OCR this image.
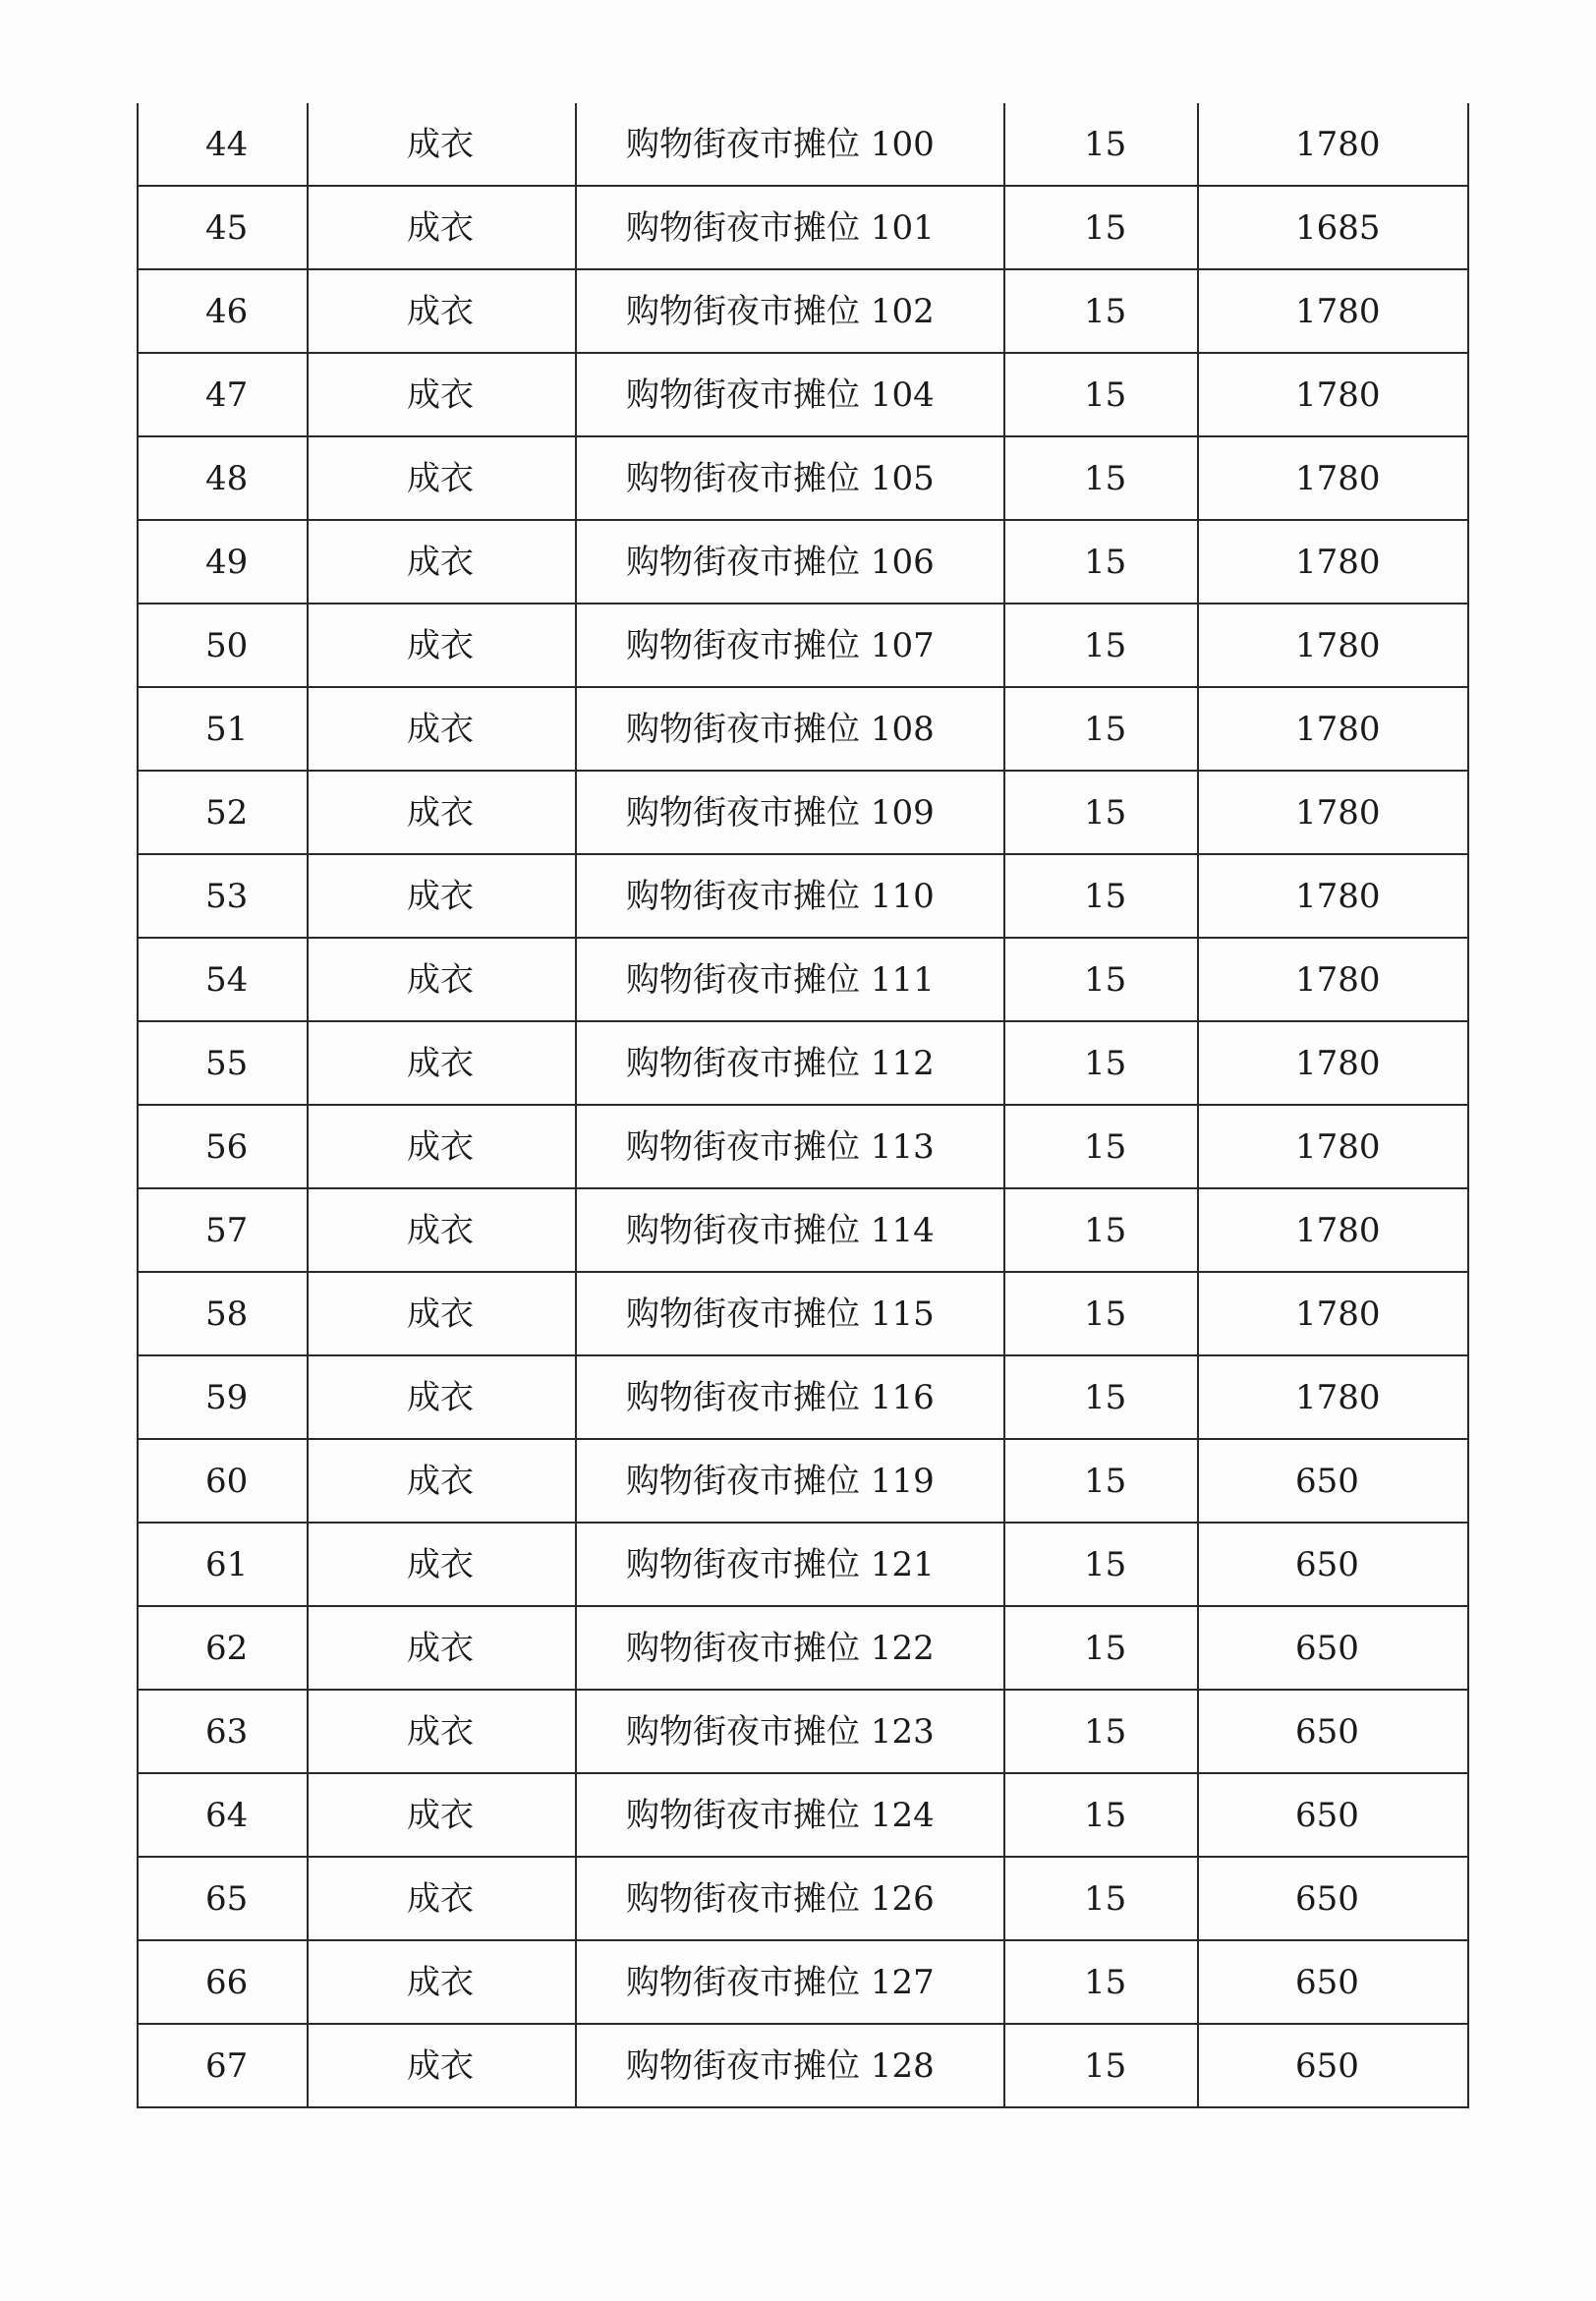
44	成衣	购物街夜市摊位 100	15	1780
45	成衣	购物街夜市摊位 101	15	1685
46	成衣	购物街夜市摊位 102	15	1780
47	成衣	购物街夜市摊位 104	15	1780
48	成衣	购物街夜市摊位 105	15	1780
49	成衣	购物街夜市摊位 106	15	1780
50	成衣	购物街夜市摊位 107	15	1780
51	成衣	购物街夜市摊位 108	15	1780
52	成衣	购物街夜市摊位 109	15	1780
53	成衣	购物街夜市摊位 110	15	1780
54	成衣	购物街夜市摊位 111	15	1780
55	成衣	购物街夜市摊位 112	15	1780
56	成衣	购物街夜市摊位 113	15	1780
57	成衣	购物街夜市摊位 114	15	1780
58	成衣	购物街夜市摊位 115	15	1780
59	成衣	购物街夜市摊位 116	15	1780
60	成衣	购物街夜市摊位 119	15	650
61	成衣	购物街夜市摊位 121	15	650
62	成衣	购物街夜市摊位 122	15	650
63	成衣	购物街夜市摊位 123	15	650
64	成衣	购物街夜市摊位 124	15	650
65	成衣	购物街夜市摊位 126	15	650
66	成衣	购物街夜市摊位 127	15	650
67	成衣	购物街夜市摊位 128	15	650
